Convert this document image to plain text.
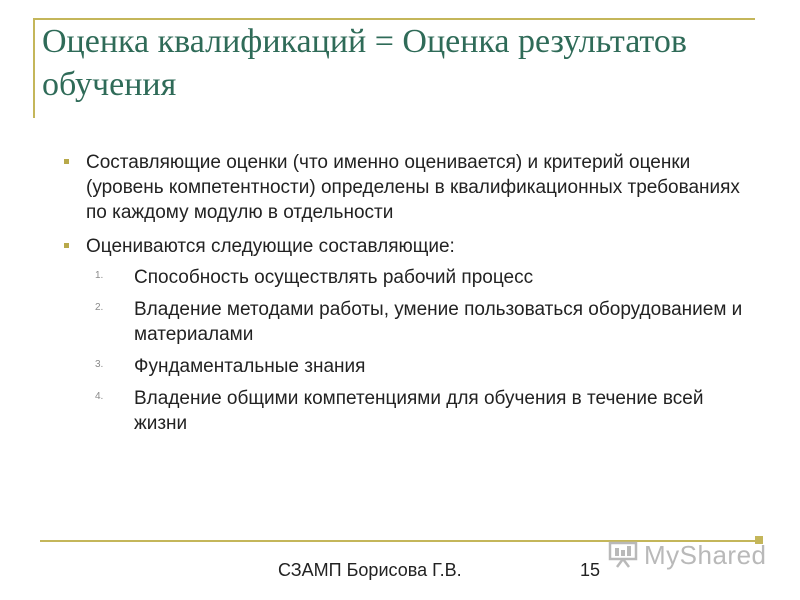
Оценка квалификаций = Оценка результатов обучения
Составляющие оценки (что именно оценивается) и критерий оценки (уровень компетентности) определены в квалификационных требованиях по каждому модулю в отдельности
Оцениваются следующие составляющие:
1. Способность осуществлять рабочий процесс
2. Владение методами работы, умение пользоваться оборудованием и материалами
3. Фундаментальные знания
4. Владение общими компетенциями для обучения в течение всей жизни
СЗАМП Борисова Г.В.	15 MyShared
